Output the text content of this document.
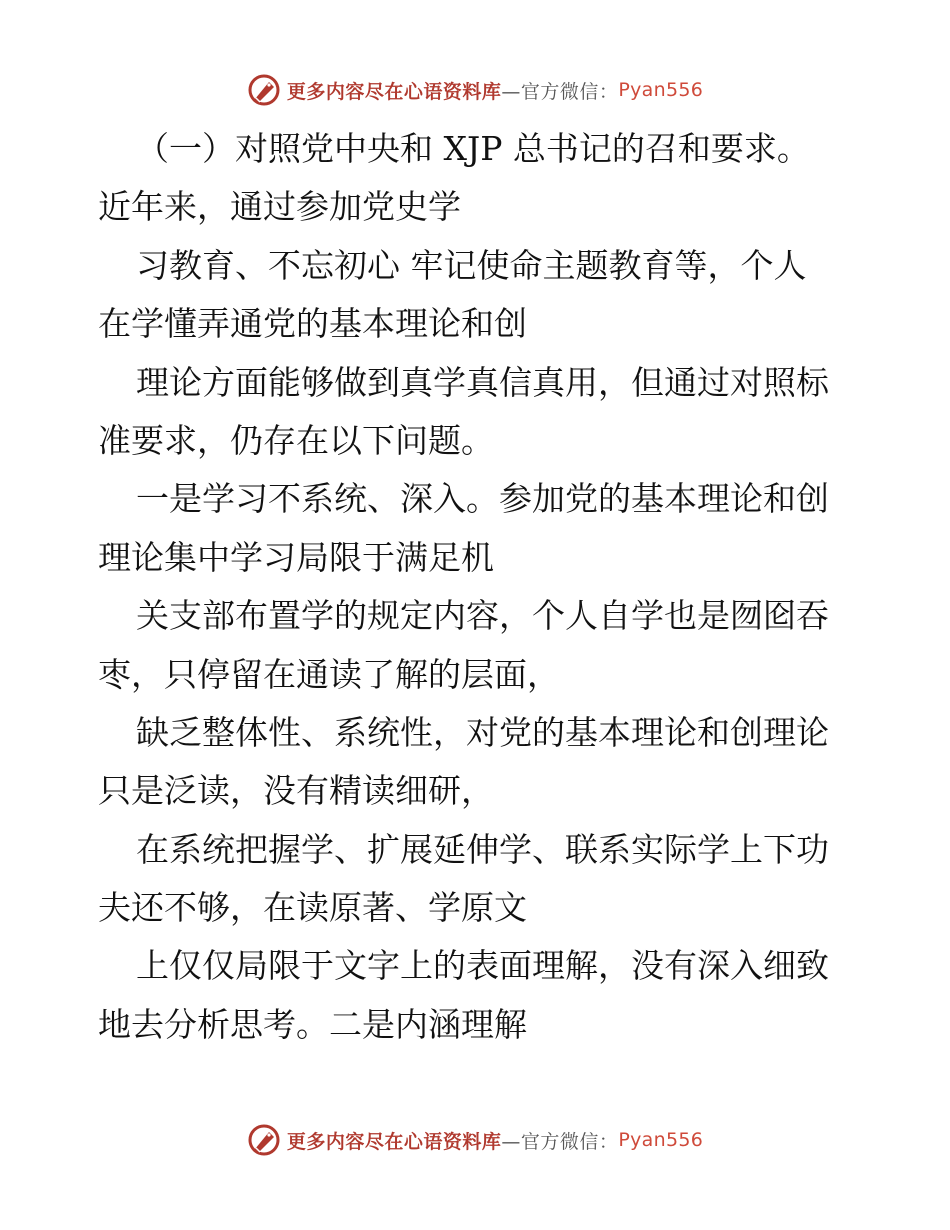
更多内容尽在心语资料库 —官方微信： Pyan556
（一）对照党中央和 XJP 总书记的召和要求。
近年来，通过参加党史学
习教育、不忘初心 牢记使命主题教育等，个人
在学懂弄通党的基本理论和创
理论方面能够做到真学真信真用，但通过对照标
准要求，仍存在以下问题。
一是学习不系统、深入。参加党的基本理论和创
理论集中学习局限于满足机
关支部布置学的规定内容，个人自学也是囫囵吞
枣，只停留在通读了解的层面，
缺乏整体性、系统性，对党的基本理论和创理论
只是泛读，没有精读细研，
在系统把握学、扩展延伸学、联系实际学上下功
夫还不够，在读原著、学原文
上仅仅局限于文字上的表面理解，没有深入细致
地去分析思考。二是内涵理解
更多内容尽在心语资料库 —官方微信： Pyan556
